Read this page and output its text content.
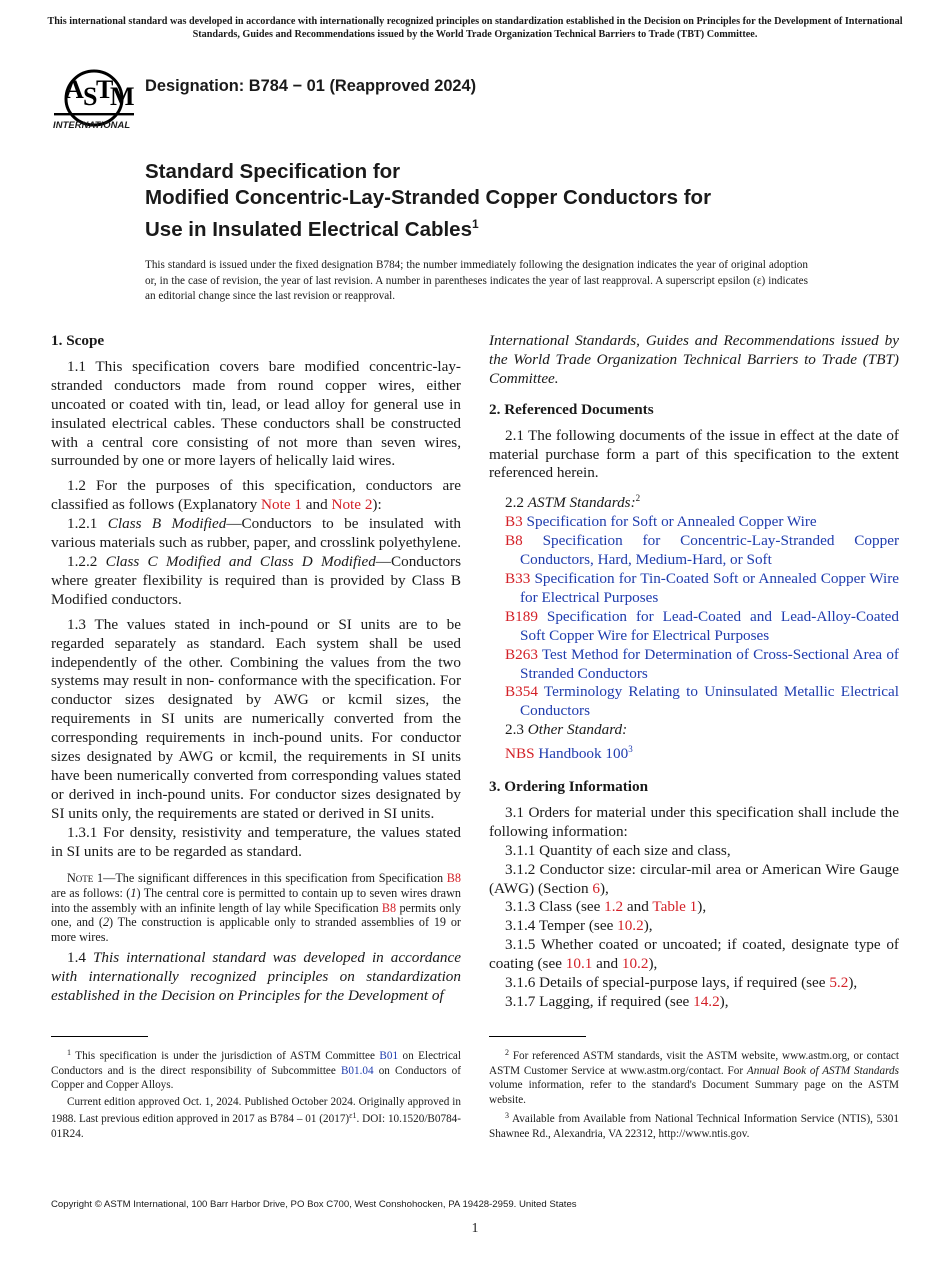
This international standard was developed in accordance with internationally recognized principles on standardization established in the Decision on Principles for the Development of International Standards, Guides and Recommendations issued by the World Trade Organization Technical Barriers to Trade (TBT) Committee.
A S
T
M
INTERNATIONAL
Designation: B784 − 01 (Reapproved 2024)
Standard Specification for
Modified Concentric-Lay-Stranded Copper Conductors for
Use in Insulated Electrical Cables$^1$
This standard is issued under the fixed designation B784; the number immediately following the designation indicates the year of original adoption or, in the case of revision, the year of last revision. A number in parentheses indicates the year of last reapproval. A superscript epsilon (ε) indicates an editorial change since the last revision or reapproval.
1. Scope

1.1 This specification covers bare modified concentric-lay-stranded conductors made from round copper wires, either uncoated or coated with tin, lead, or lead alloy for general use in insulated electrical cables. These conductors shall be constructed with a central core consisting of not more than seven wires, surrounded by one or more layers of helically laid wires.

1.2 For the purposes of this specification, conductors are classified as follows (Explanatory Note 1 and Note 2):

1.2.1 Class B Modified—Conductors to be insulated with various materials such as rubber, paper, and crosslink polyethylene.

1.2.2 Class C Modified and Class D Modified—Conductors where greater flexibility is required than is provided by Class B Modified conductors.

1.3 The values stated in inch-pound or SI units are to be regarded separately as standard. Each system shall be used independently of the other. Combining the values from the two systems may result in non- conformance with the specification. For conductor sizes designated by AWG or kcmil sizes, the requirements in SI units are numerically converted from the corresponding requirements in inch-pound units. For conductor sizes designated by AWG or kcmil, the requirements in SI units have been numerically converted from corresponding values stated or derived in inch-pound units. For conductor sizes designated by SI units only, the requirements are stated or derived in SI units.

1.3.1 For density, resistivity and temperature, the values stated in SI units are to be regarded as standard.

Note 1—The significant differences in this specification from Specification B8 are as follows: (1) The central core is permitted to contain up to seven wires drawn into the assembly with an infinite length of lay while Specification B8 permits only one, and (2) The construction is applicable only to stranded assemblies of 19 or more wires.

1.4 This international standard was developed in accordance with internationally recognized principles on standardization established in the Decision on Principles for the Development of

International Standards, Guides and Recommendations issued by the World Trade Organization Technical Barriers to Trade (TBT) Committee.

2. Referenced Documents

2.1 The following documents of the issue in effect at the date of material purchase form a part of this specification to the extent referenced herein.

2.2 ASTM Standards:$^2$

B3 Specification for Soft or Annealed Copper Wire

B8 Specification for Concentric-Lay-Stranded Copper Conductors, Hard, Medium-Hard, or Soft

B33 Specification for Tin-Coated Soft or Annealed Copper Wire for Electrical Purposes

B189 Specification for Lead-Coated and Lead-Alloy-Coated Soft Copper Wire for Electrical Purposes

B263 Test Method for Determination of Cross-Sectional Area of Stranded Conductors

B354 Terminology Relating to Uninsulated Metallic Electrical Conductors

2.3 Other Standard:

NBS Handbook $100^3$

3. Ordering Information

3.1 Orders for material under this specification shall include the following information:

3.1.1 Quantity of each size and class,

3.1.2 Conductor size: circular-mil area or American Wire Gauge (AWG) (Section 6),

3.1.3 Class (see 1.2 and Table 1),

3.1.4 Temper (see 10.2),

3.1.5 Whether coated or uncoated; if coated, designate type of coating (see 10.1 and 10.2),

3.1.6 Details of special-purpose lays, if required (see 5.2),

3.1.7 Lagging, if required (see 14.2),

$^1$ This specification is under the jurisdiction of ASTM Committee B01 on Electrical Conductors and is the direct responsibility of Subcommittee B01.04 on Conductors of Copper and Copper Alloys.

Current edition approved Oct. 1, 2024. Published October 2024. Originally approved in 1988. Last previous edition approved in 2017 as B784 – 01 $(2017)^{\varepsilon 1}$. DOI: 10.1520/B0784-01R24.

$^2$ For referenced ASTM standards, visit the ASTM website, www.astm.org, or contact ASTM Customer Service at www.astm.org/contact. For Annual Book of ASTM Standards volume information, refer to the standard's Document Summary page on the ASTM website.

$^3$ Available from Available from National Technical Information Service (NTIS), 5301 Shawnee Rd., Alexandria, VA 22312, http://www.ntis.gov.

Copyright © ASTM International, 100 Barr Harbor Drive, PO Box C700, West Conshohocken, PA 19428-2959. United States
1
